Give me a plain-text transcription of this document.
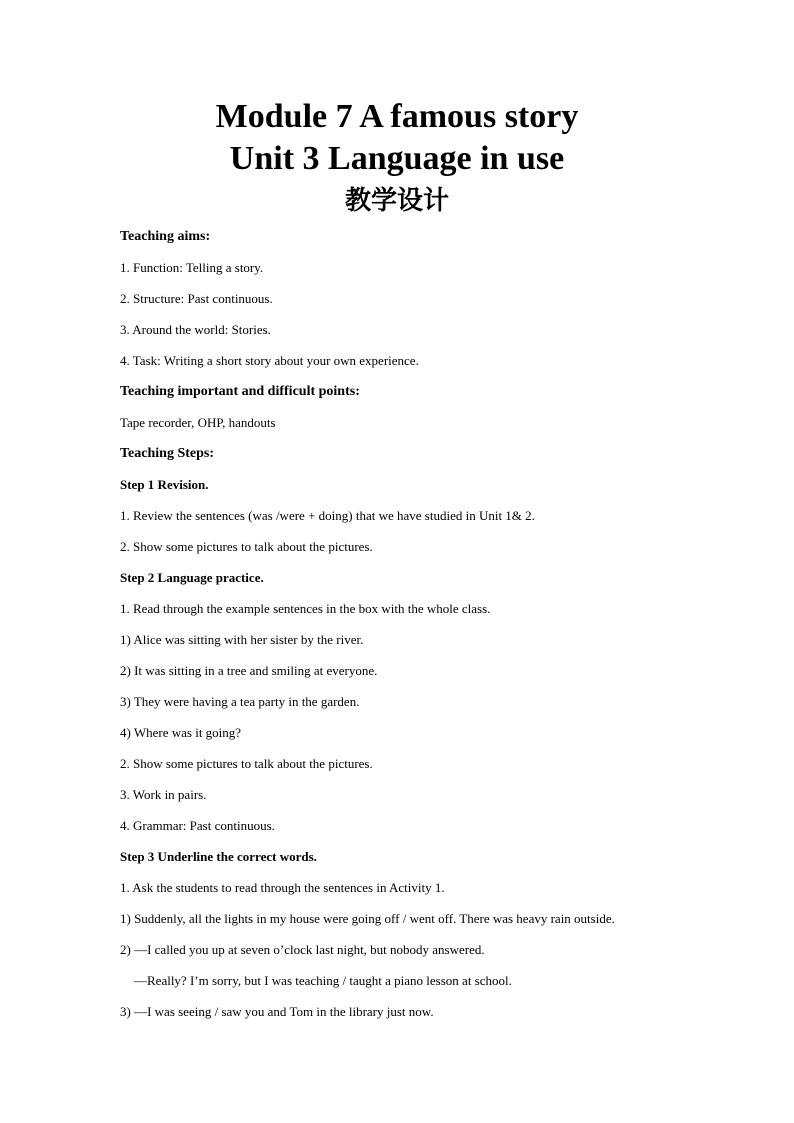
Module 7 A famous story
Unit 3 Language in use
教学设计
Teaching aims:
1. Function: Telling a story.
2. Structure: Past continuous.
3. Around the world: Stories.
4. Task: Writing a short story about your own experience.
Teaching important and difficult points:
Tape recorder, OHP, handouts
Teaching Steps:
Step 1 Revision.
1. Review the sentences (was /were + doing) that we have studied in Unit 1& 2.
2. Show some pictures to talk about the pictures.
Step 2 Language practice.
1. Read through the example sentences in the box with the whole class.
1) Alice was sitting with her sister by the river.
2) It was sitting in a tree and smiling at everyone.
3) They were having a tea party in the garden.
4) Where was it going?
2. Show some pictures to talk about the pictures.
3. Work in pairs.
4. Grammar: Past continuous.
Step 3 Underline the correct words.
1. Ask the students to read through the sentences in Activity 1.
1) Suddenly, all the lights in my house were going off / went off. There was heavy rain outside.
2) —I called you up at seven o’clock last night, but nobody answered.
—Really? I’m sorry, but I was teaching / taught a piano lesson at school.
3) —I was seeing / saw you and Tom in the library just now.
